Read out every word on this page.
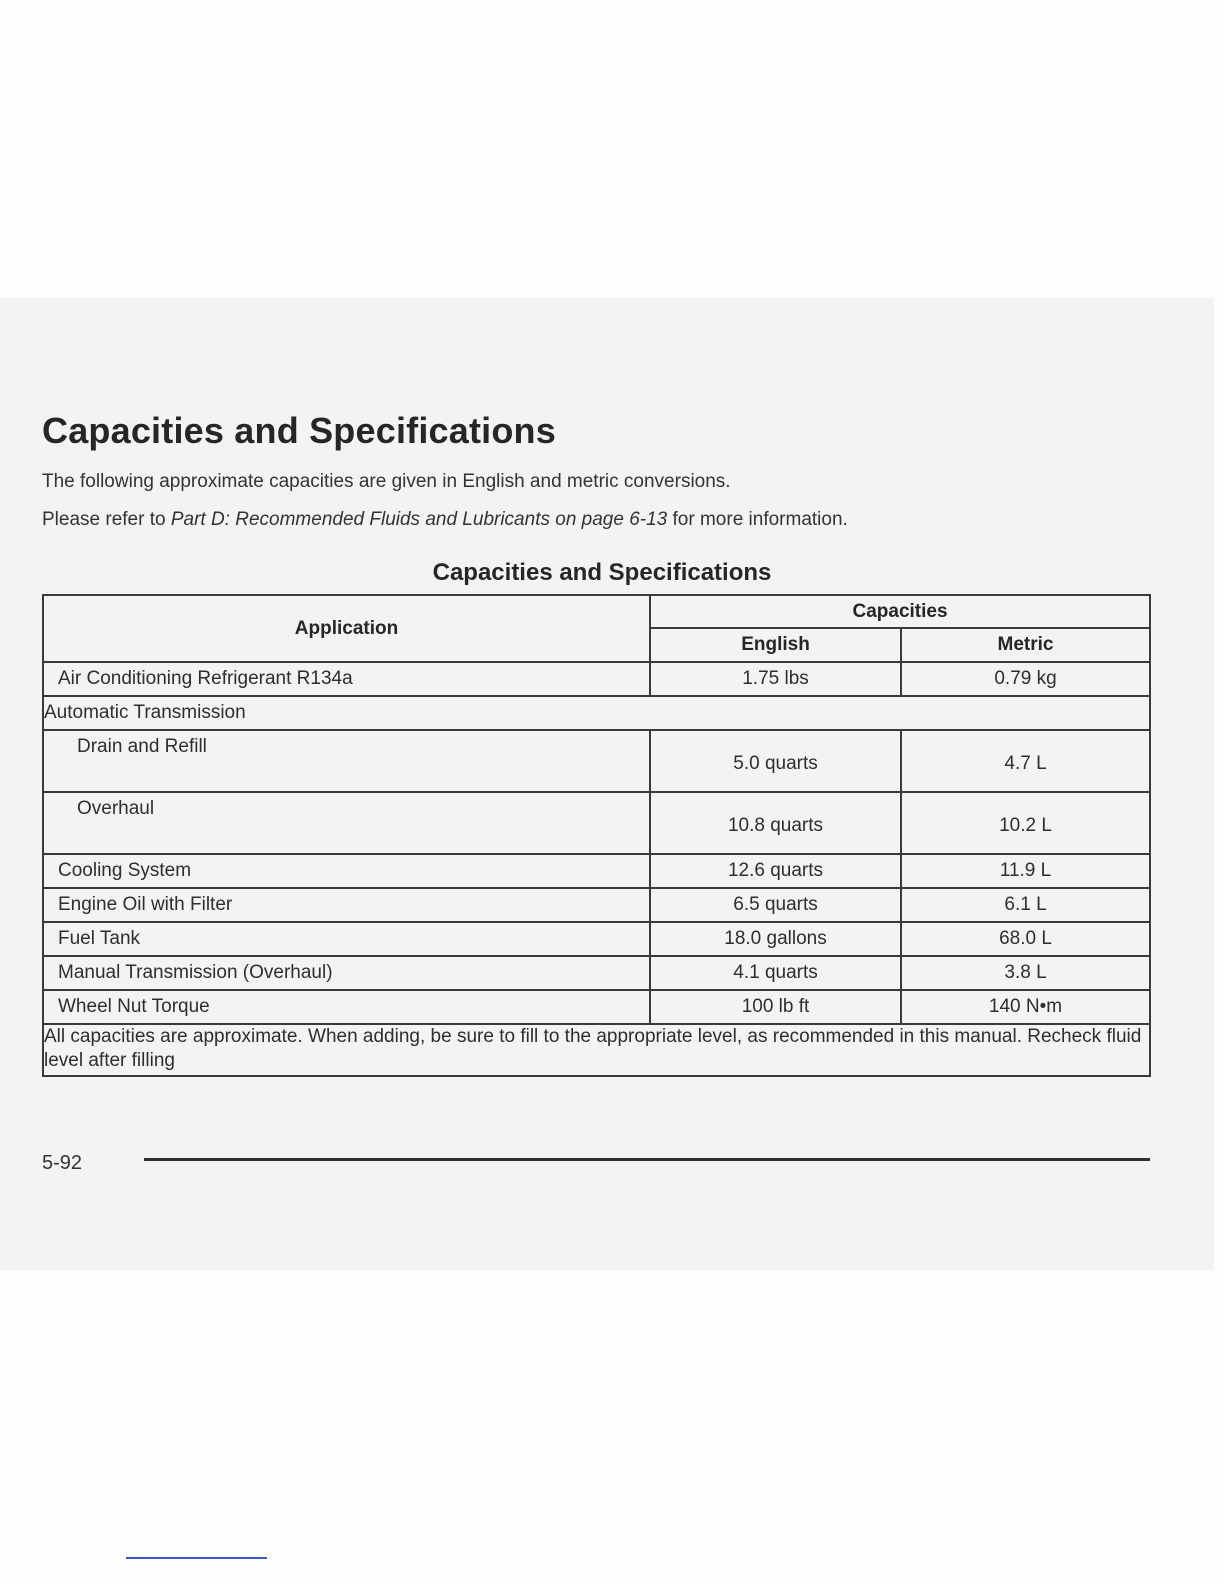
Capacities and Specifications

The following approximate capacities are given in English and metric conversions.

Please refer to Part D: Recommended Fluids and Lubricants on page 6-13 for more information.

Capacities and Specifications
Application	Capacities	
	English	Metric
Air Conditioning Refrigerant R134a	1.75 lbs	0.79 kg
Automatic Transmission		
Drain and Refill	5.0 quarts	4.7 L
Overhaul	10.8 quarts	10.2 L
Cooling System	12.6 quarts	11.9 L
Engine Oil with Filter	6.5 quarts	6.1 L
Fuel Tank	18.0 gallons	68.0 L
Manual Transmission (Overhaul)	4.1 quarts	3.8 L
Wheel Nut Torque	100 lb ft	140 N•m
All capacities are approximate. When adding, be sure to fill to the appropriate level, as recommended in this manual. Recheck fluid level after filling		

5-92
